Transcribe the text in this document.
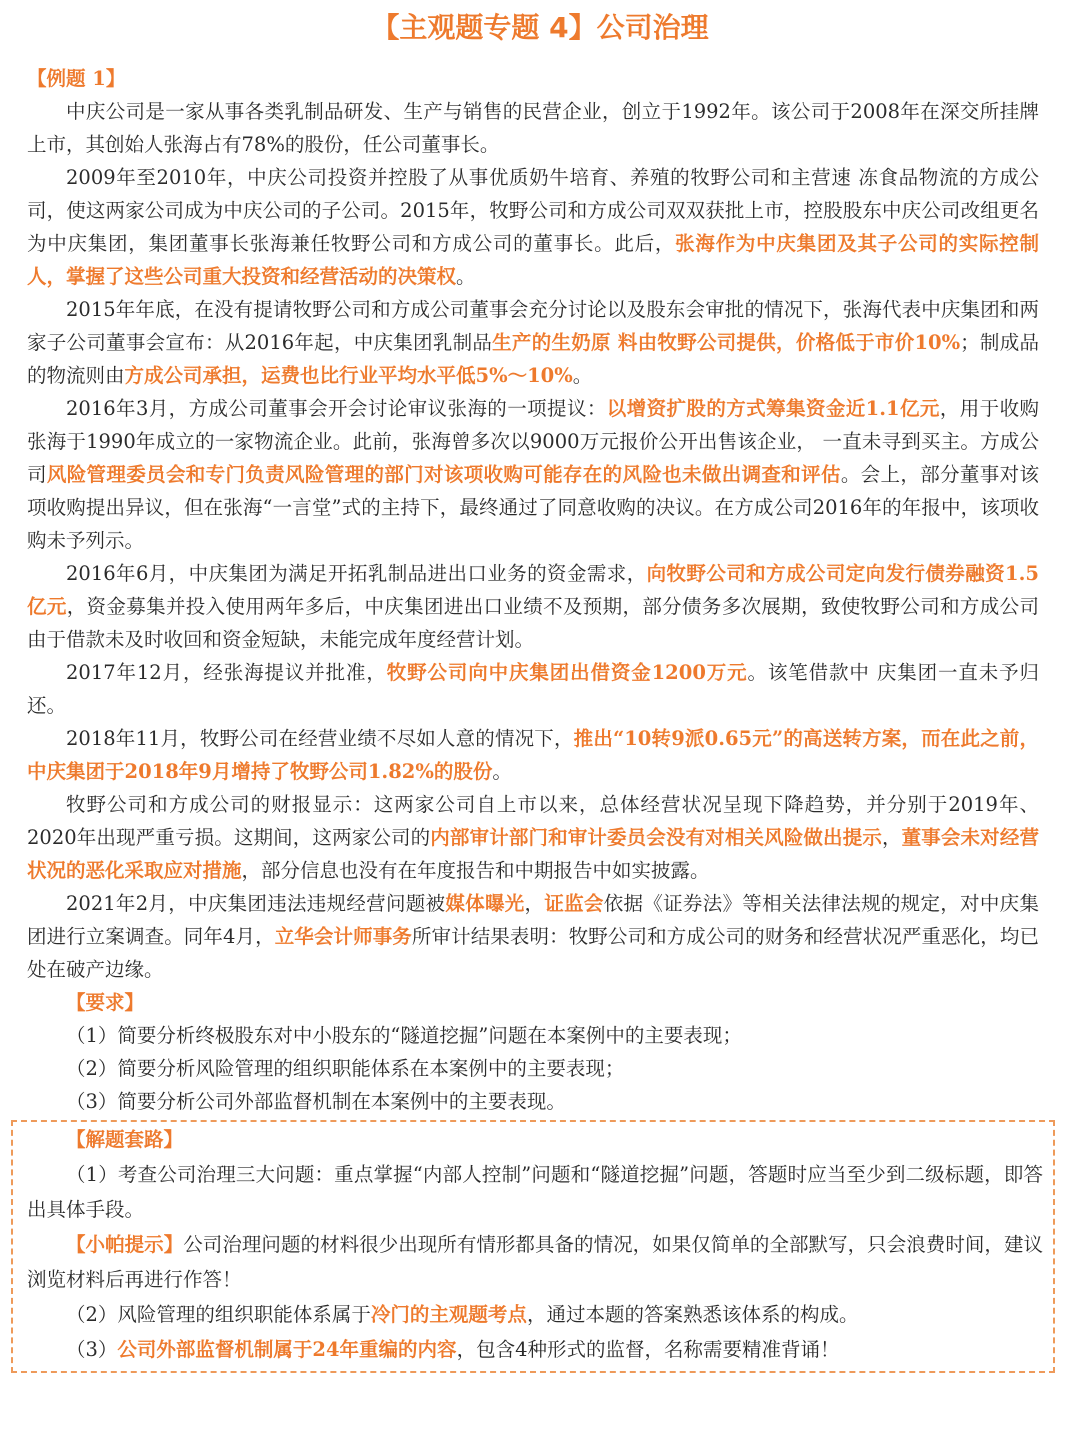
【主观题专题 4】公司治理
【例题 1】

中庆公司是一家从事各类乳制品研发、生产与销售的民营企业，创立于1992年。该公司于2008年在深交所挂牌上市，其创始人张海占有78%的股份，任公司董事长。

2009年至2010年，中庆公司投资并控股了从事优质奶牛培育、养殖的牧野公司和主营速 冻食品物流的方成公司，使这两家公司成为中庆公司的子公司。2015年，牧野公司和方成公司双双获批上市，控股股东中庆公司改组更名为中庆集团，集团董事长张海兼任牧野公司和方成公司的董事长。此后，张海作为中庆集团及其子公司的实际控制人，掌握了这些公司重大投资和经营活动的决策权。

2015年年底，在没有提请牧野公司和方成公司董事会充分讨论以及股东会审批的情况下，张海代表中庆集团和两家子公司董事会宣布：从2016年起，中庆集团乳制品生产的生奶原 料由牧野公司提供，价格低于市价10%；制成品的物流则由方成公司承担，运费也比行业平均水平低5%～10%。

2016年3月，方成公司董事会开会讨论审议张海的一项提议：以增资扩股的方式筹集资金近1.1亿元，用于收购张海于1990年成立的一家物流企业。此前，张海曾多次以9000万元报价公开出售该企业， 一直未寻到买主。方成公司风险管理委员会和专门负责风险管理的部门对该项收购可能存在的风险也未做出调查和评估。会上，部分董事对该项收购提出异议，但在张海“一言堂”式的主持下，最终通过了同意收购的决议。在方成公司2016年的年报中，该项收购未予列示。

2016年6月，中庆集团为满足开拓乳制品进出口业务的资金需求，向牧野公司和方成公司定向发行债券融资1.5亿元，资金募集并投入使用两年多后，中庆集团进出口业绩不及预期，部分债务多次展期，致使牧野公司和方成公司由于借款未及时收回和资金短缺，未能完成年度经营计划。

2017年12月，经张海提议并批准，牧野公司向中庆集团出借资金1200万元。该笔借款中 庆集团一直未予归还。

2018年11月，牧野公司在经营业绩不尽如人意的情况下，推出“10转9派0.65元”的高送转方案，而在此之前，中庆集团于2018年9月增持了牧野公司1.82%的股份。

牧野公司和方成公司的财报显示：这两家公司自上市以来，总体经营状况呈现下降趋势，并分别于2019年、2020年出现严重亏损。这期间，这两家公司的内部审计部门和审计委员会没有对相关风险做出提示，董事会未对经营状况的恶化采取应对措施，部分信息也没有在年度报告和中期报告中如实披露。

2021年2月，中庆集团违法违规经营问题被媒体曝光，证监会依据《证券法》等相关法律法规的规定，对中庆集团进行立案调查。同年4月，立华会计师事务所审计结果表明：牧野公司和方成公司的财务和经营状况严重恶化，均已处在破产边缘。

【要求】
（1）简要分析终极股东对中小股东的“隧道挖掘”问题在本案例中的主要表现；
（2）简要分析风险管理的组织职能体系在本案例中的主要表现；
（3）简要分析公司外部监督机制在本案例中的主要表现。
【解题套路】

（1）考查公司治理三大问题：重点掌握“内部人控制”问题和“隧道挖掘”问题，答题时应当至少到二级标题，即答出具体手段。

【小帕提示】公司治理问题的材料很少出现所有情形都具备的情况，如果仅简单的全部默写，只会浪费时间，建议浏览材料后再进行作答！

（2）风险管理的组织职能体系属于冷门的主观题考点，通过本题的答案熟悉该体系的构成。

（3）公司外部监督机制属于24年重编的内容，包含4种形式的监督，名称需要精准背诵！
